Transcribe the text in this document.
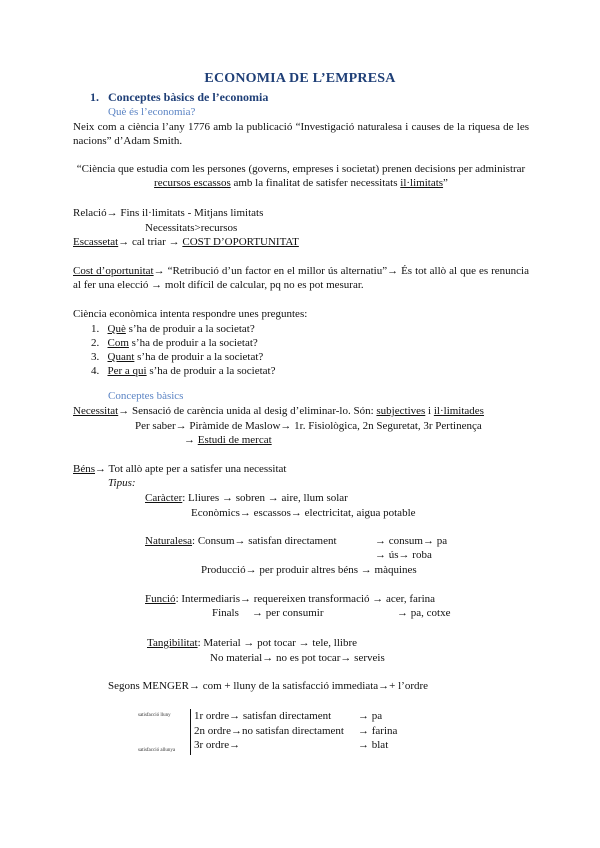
ECONOMIA DE L’EMPRESA
1. Conceptes bàsics de l’economia
Què és l’economia?
Neix com a ciència l’any 1776 amb la publicació “Investigació naturalesa i causes de la riquesa de les nacions” d’Adam Smith.
“Ciència que estudia com les persones (governs, empreses i societat) prenen decisions per administrar recursos escassos amb la finalitat de satisfer necessitats il·limitats”
Relació→ Fins il·limitats - Mitjans limitats
Necessitats>recursos
Escassetat→ cal triar → COST D’OPORTUNITAT
Cost d’oportunitat→ “Retribució d’un factor en el millor ús alternatiu”→ És tot allò al que es renuncia al fer una elecció → molt difícil de calcular, pq no es pot mesurar.
Ciència econòmica intenta respondre unes preguntes:
1. Què s’ha de produir a la societat?
2. Com s’ha de produir a la societat?
3. Quant s’ha de produir a la societat?
4. Per a qui s’ha de produir a la societat?
Conceptes bàsics
Necessitat→ Sensació de carència unida al desig d’eliminar-lo. Són: subjectives i il·limitades
Per saber→ Piràmide de Maslow→ 1r. Fisiològica, 2n Seguretat, 3r Pertinença
→ Estudi de mercat
Béns→ Tot allò apte per a satisfer una necessitat
Tipus:
Caràcter: Lliures → sobren → aire, llum solar
Econòmics→ escassos→ electricitat, aigua potable
Naturalesa: Consum→ satisfan directament	→ consum→ pa
→ ús→ roba
Producció→ per produir altres béns → màquines
Funció: Intermediaris→ requereixen transformació → acer, farina
Finals → per consumir	→ pa, cotxe
Tangibilitat: Material → pot tocar → tele, llibre
No material→ no es pot tocar→ serveis
Segons MENGER→ com + lluny de la satisfacció immediata→+ l’ordre
satisfacció lluny
satisfacció allunya
1r ordre→ satisfan directament → pa
2n ordre→no satisfan directament → farina
3r ordre→	→ blat
